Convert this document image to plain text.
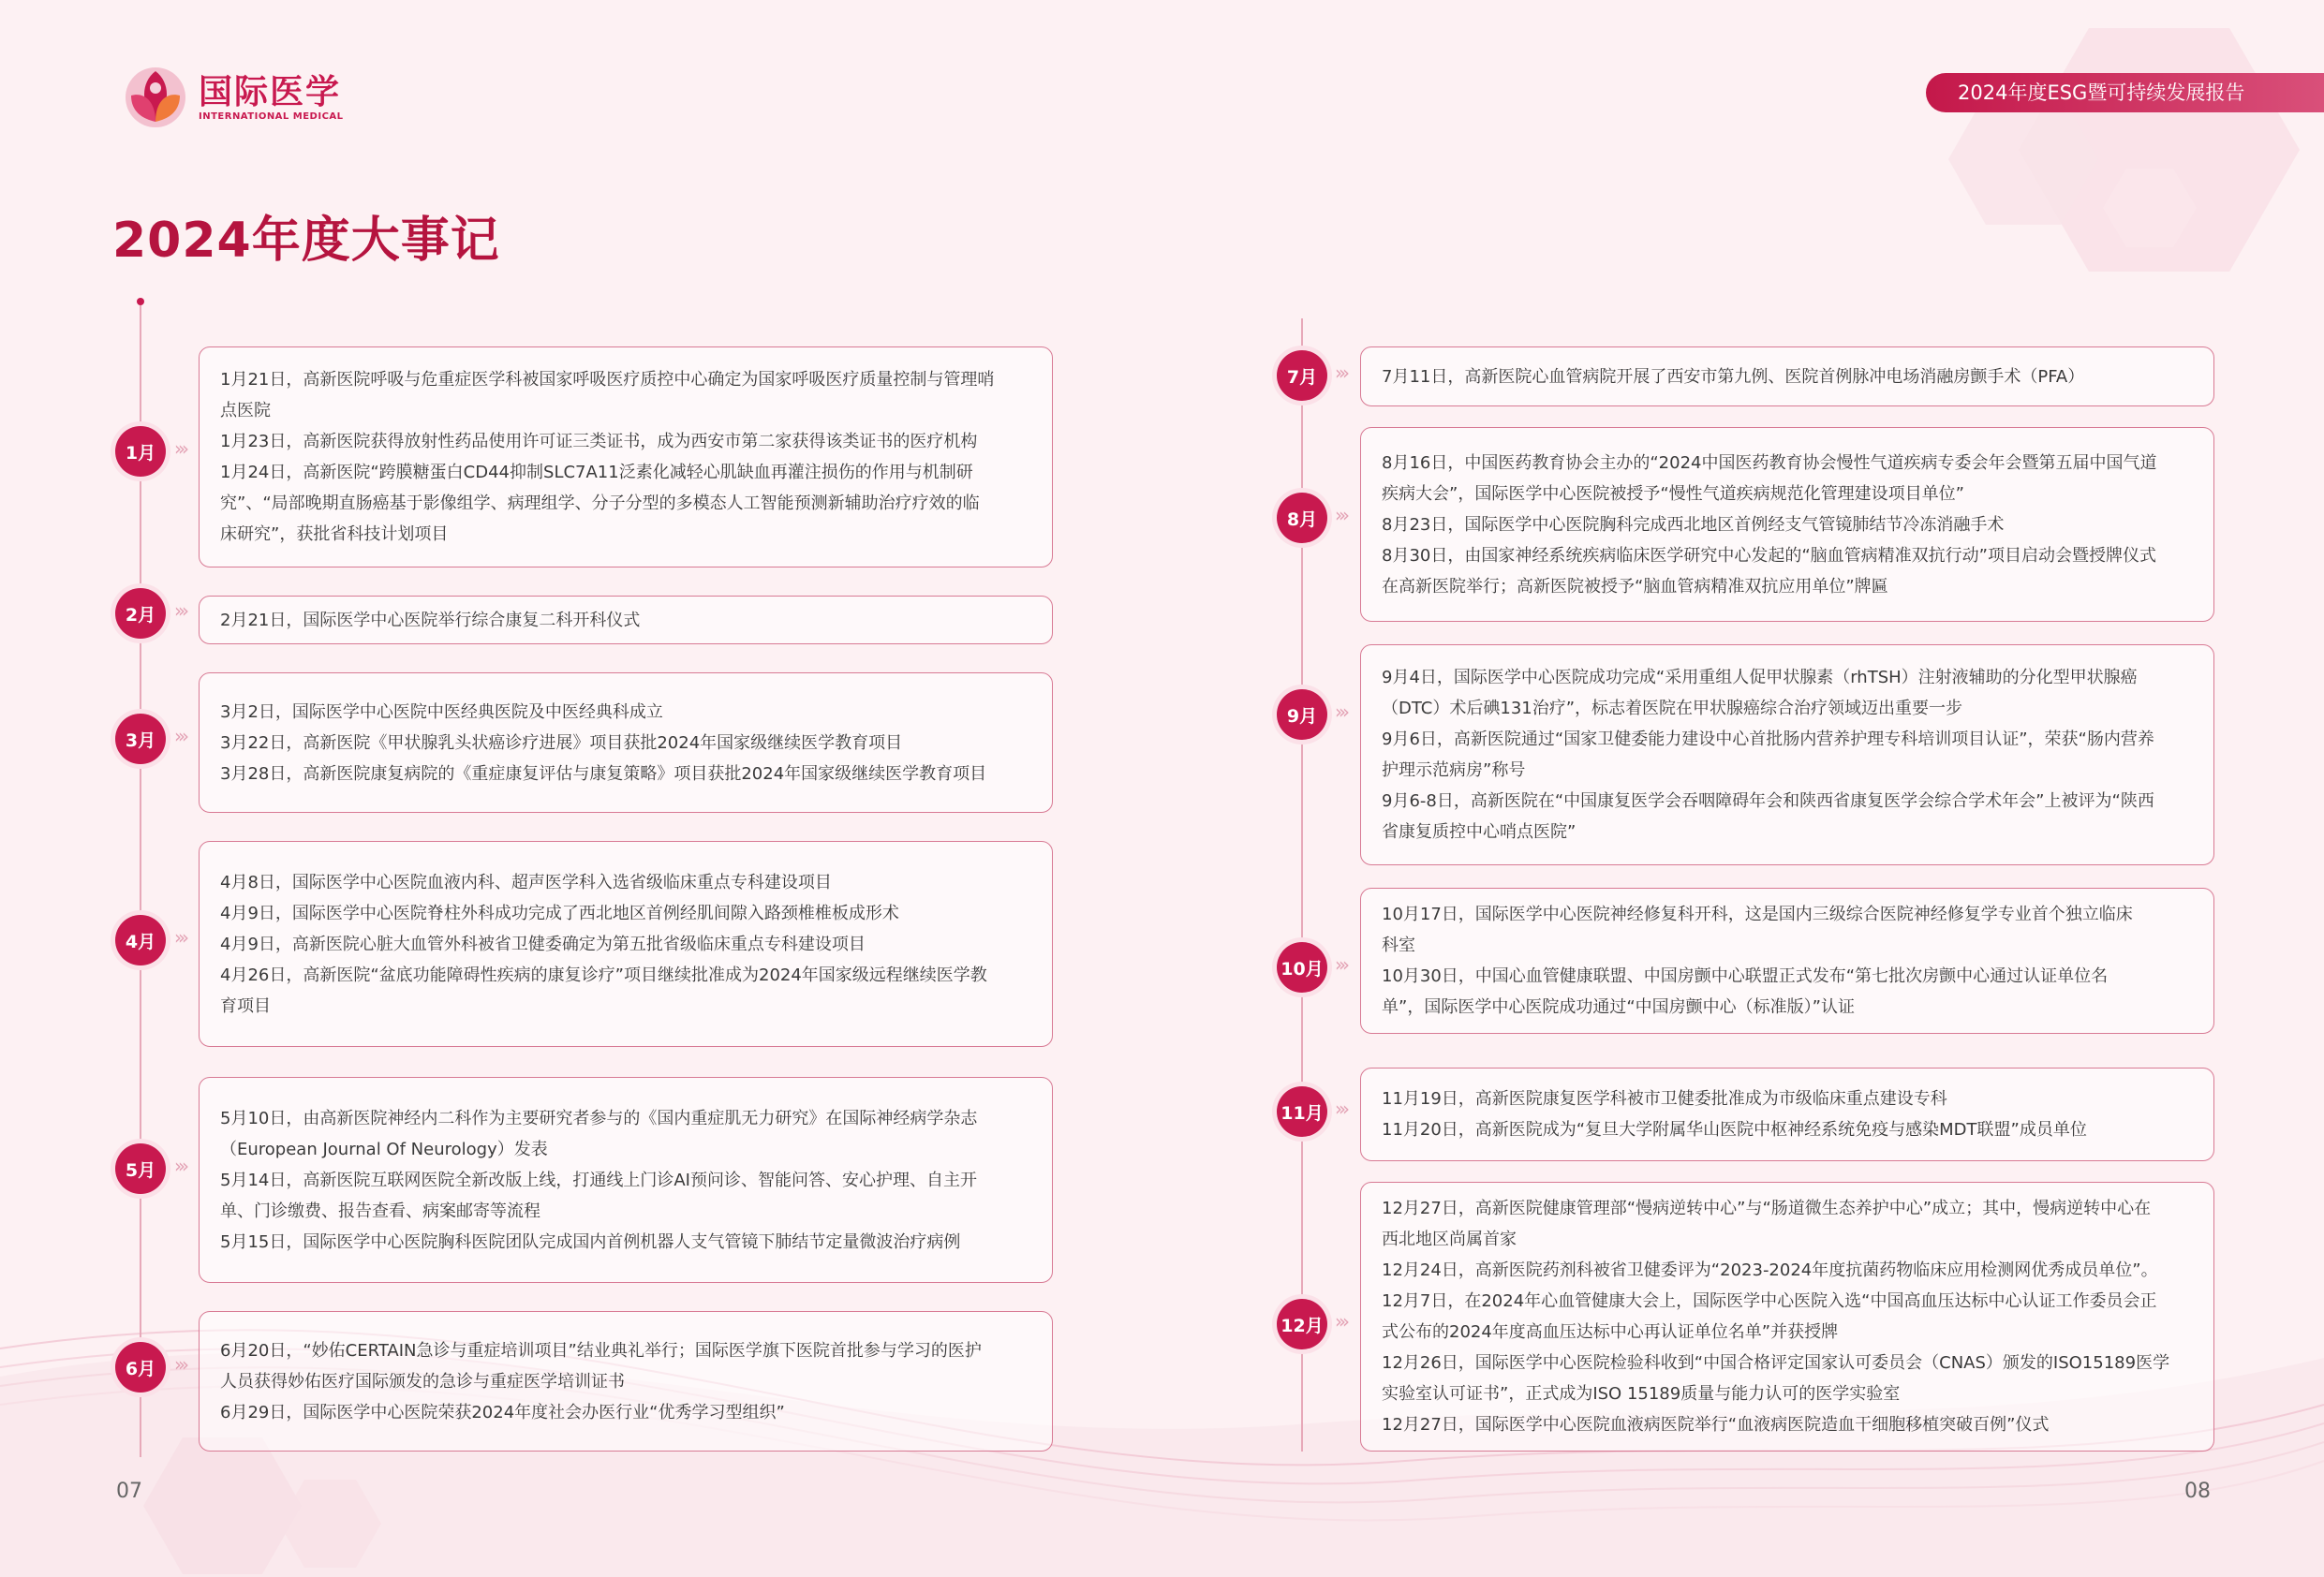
国际医学
INTERNATIONAL MEDICAL
2024年度ESG暨可持续发展报告
2024年度大事记
1月 ›››
1月21日，高新医院呼吸与危重症医学科被国家呼吸医疗质控中心确定为国家呼吸医疗质量控制与管理哨
点医院
1月23日，高新医院获得放射性药品使用许可证三类证书，成为西安市第二家获得该类证书的医疗机构
1月24日，高新医院“跨膜糖蛋白CD44抑制SLC7A11泛素化减轻心肌缺血再灌注损伤的作用与机制研
究”、“局部晚期直肠癌基于影像组学、病理组学、分子分型的多模态人工智能预测新辅助治疗疗效的临
床研究”，获批省科技计划项目
2月 ››› 2月21日，国际医学中心医院举行综合康复二科开科仪式
3月 ›››
3月2日，国际医学中心医院中医经典医院及中医经典科成立
3月22日，高新医院《甲状腺乳头状癌诊疗进展》项目获批2024年国家级继续医学教育项目
3月28日，高新医院康复病院的《重症康复评估与康复策略》项目获批2024年国家级继续医学教育项目
4月 ›››
4月8日，国际医学中心医院血液内科、超声医学科入选省级临床重点专科建设项目
4月9日，国际医学中心医院脊柱外科成功完成了西北地区首例经肌间隙入路颈椎椎板成形术
4月9日，高新医院心脏大血管外科被省卫健委确定为第五批省级临床重点专科建设项目
4月26日，高新医院“盆底功能障碍性疾病的康复诊疗”项目继续批准成为2024年国家级远程继续医学教
育项目
5月 ›››
5月10日，由高新医院神经内二科作为主要研究者参与的《国内重症肌无力研究》在国际神经病学杂志
（European Journal Of Neurology）发表
5月14日，高新医院互联网医院全新改版上线，打通线上门诊AI预问诊、智能问答、安心护理、自主开
单、门诊缴费、报告查看、病案邮寄等流程
5月15日，国际医学中心医院胸科医院团队完成国内首例机器人支气管镜下肺结节定量微波治疗病例
6月 ›››
6月20日，“妙佑CERTAIN急诊与重症培训项目”结业典礼举行；国际医学旗下医院首批参与学习的医护
人员获得妙佑医疗国际颁发的急诊与重症医学培训证书
6月29日，国际医学中心医院荣获2024年度社会办医行业“优秀学习型组织”
7月 ››› 7月11日，高新医院心血管病院开展了西安市第九例、医院首例脉冲电场消融房颤手术（PFA）
8月 ›››
8月16日，中国医药教育协会主办的“2024中国医药教育协会慢性气道疾病专委会年会暨第五届中国气道
疾病大会”，国际医学中心医院被授予“慢性气道疾病规范化管理建设项目单位”
8月23日，国际医学中心医院胸科完成西北地区首例经支气管镜肺结节冷冻消融手术
8月30日，由国家神经系统疾病临床医学研究中心发起的“脑血管病精准双抗行动”项目启动会暨授牌仪式
在高新医院举行；高新医院被授予“脑血管病精准双抗应用单位”牌匾
9月 ›››
9月4日，国际医学中心医院成功完成“采用重组人促甲状腺素（rhTSH）注射液辅助的分化型甲状腺癌
（DTC）术后碘131治疗”，标志着医院在甲状腺癌综合治疗领域迈出重要一步
9月6日，高新医院通过“国家卫健委能力建设中心首批肠内营养护理专科培训项目认证”，荣获“肠内营养
护理示范病房”称号
9月6-8日，高新医院在“中国康复医学会吞咽障碍年会和陕西省康复医学会综合学术年会”上被评为“陕西
省康复质控中心哨点医院”
10月 ›››
10月17日，国际医学中心医院神经修复科开科，这是国内三级综合医院神经修复学专业首个独立临床
科室
10月30日，中国心血管健康联盟、中国房颤中心联盟正式发布“第七批次房颤中心通过认证单位名
单”，国际医学中心医院成功通过“中国房颤中心（标准版）”认证
11月 ››› 11月19日，高新医院康复医学科被市卫健委批准成为市级临床重点建设专科
11月20日，高新医院成为“复旦大学附属华山医院中枢神经系统免疫与感染MDT联盟”成员单位
12月 ›››
12月27日，高新医院健康管理部“慢病逆转中心”与“肠道微生态养护中心”成立；其中，慢病逆转中心在
西北地区尚属首家
12月24日，高新医院药剂科被省卫健委评为“2023-2024年度抗菌药物临床应用检测网优秀成员单位”。
12月7日，在2024年心血管健康大会上，国际医学中心医院入选“中国高血压达标中心认证工作委员会正
式公布的2024年度高血压达标中心再认证单位名单”并获授牌
12月26日，国际医学中心医院检验科收到“中国合格评定国家认可委员会（CNAS）颁发的ISO15189医学
实验室认可证书”，正式成为ISO 15189质量与能力认可的医学实验室
12月27日，国际医学中心医院血液病医院举行“血液病医院造血干细胞移植突破百例”仪式
07	08
